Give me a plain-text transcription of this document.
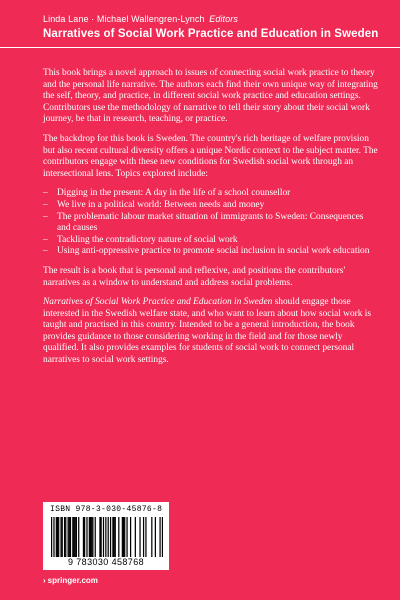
Linda Lane · Michael Wallengren-Lynch Editors
Narratives of Social Work Practice and Education in Sweden

This book brings a novel approach to issues of connecting social work practice to theory and the personal life narrative. The authors each find their own unique way of integrating the self, theory, and practice, in different social work practice and education settings. Contributors use the methodology of narrative to tell their story about their social work journey, be that in research, teaching, or practice.

The backdrop for this book is Sweden. The country's rich heritage of welfare provision but also recent cultural diversity offers a unique Nordic context to the subject matter. The contributors engage with these new conditions for Swedish social work through an intersectional lens. Topics explored include:

– Digging in the present: A day in the life of a school counsellor
– We live in a political world: Between needs and money
– The problematic labour market situation of immigrants to Sweden: Consequences and causes
– Tackling the contradictory nature of social work
– Using anti-oppressive practice to promote social inclusion in social work education

The result is a book that is personal and reflexive, and positions the contributors' narratives as a window to understand and address social problems.

Narratives of Social Work Practice and Education in Sweden should engage those interested in the Swedish welfare state, and who want to learn about how social work is taught and practised in this country. Intended to be a general introduction, the book provides guidance to those considering working in the field and for those newly qualified. It also provides examples for students of social work to connect personal narratives to social work settings.

ISBN 978-3-030-45876-8
9 783030 458768
› springer.com
